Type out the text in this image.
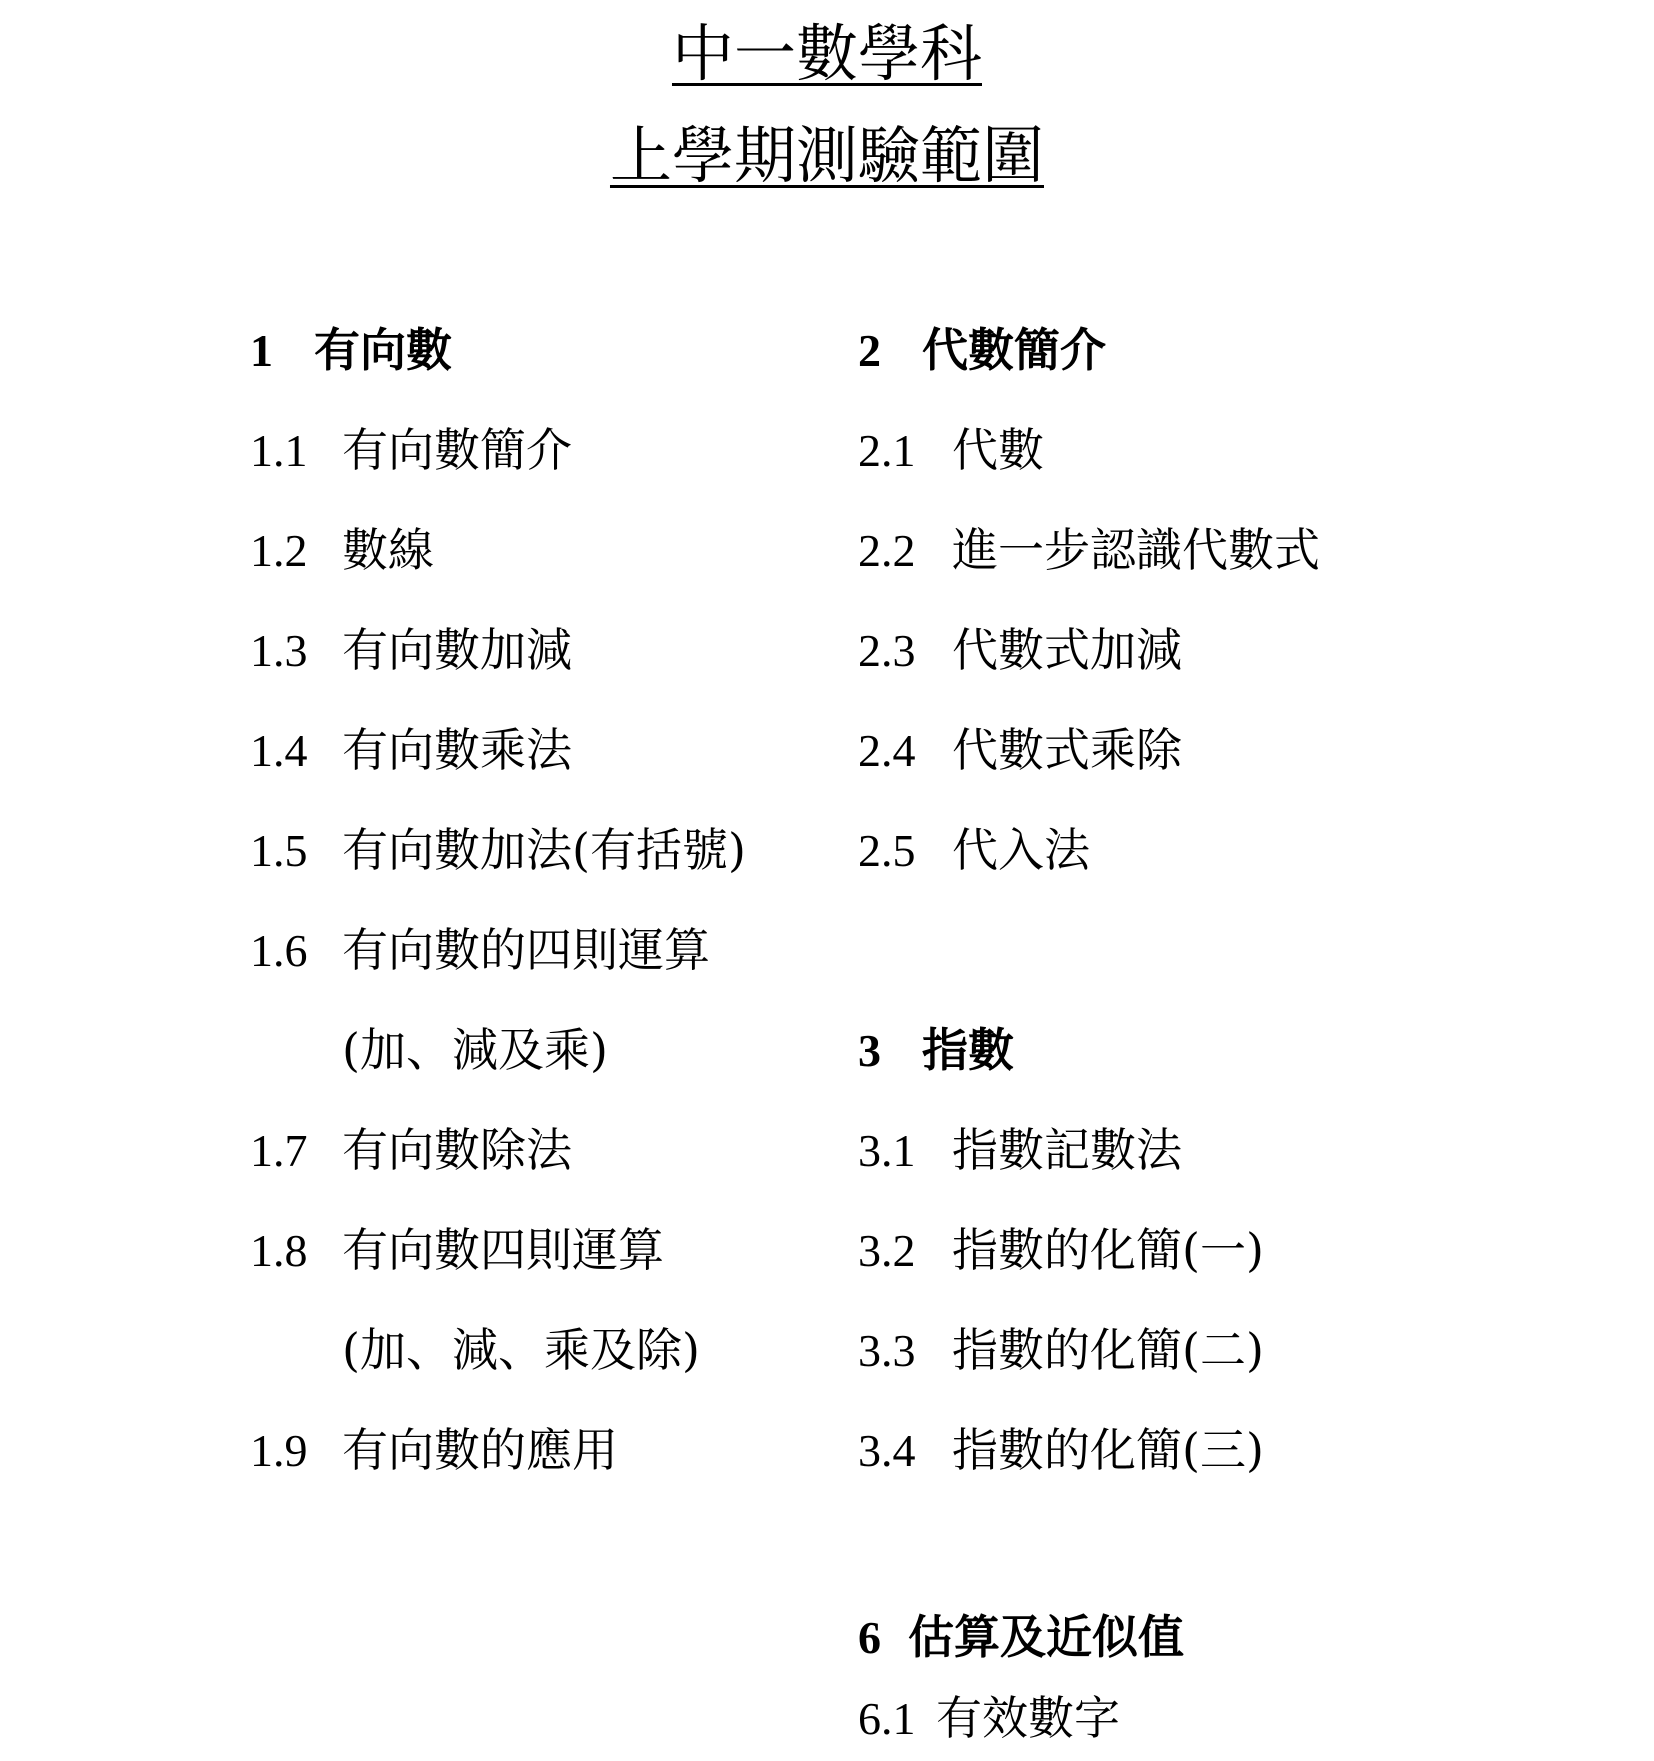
中一數學科
上學期測驗範圍
1 有向數
1.1 有向數簡介
1.2 數線
1.3 有向數加減
1.4 有向數乘法
1.5 有向數加法(有括號)
1.6 有向數的四則運算
(加、減及乘)
1.7 有向數除法
1.8 有向數四則運算
(加、減、乘及除)
1.9 有向數的應用
2 代數簡介
2.1 代數
2.2 進一步認識代數式
2.3 代數式加減
2.4 代數式乘除
2.5 代入法
3 指數
3.1 指數記數法
3.2 指數的化簡(一)
3.3 指數的化簡(二)
3.4 指數的化簡(三)
6 估算及近似值
6.1 有效數字
